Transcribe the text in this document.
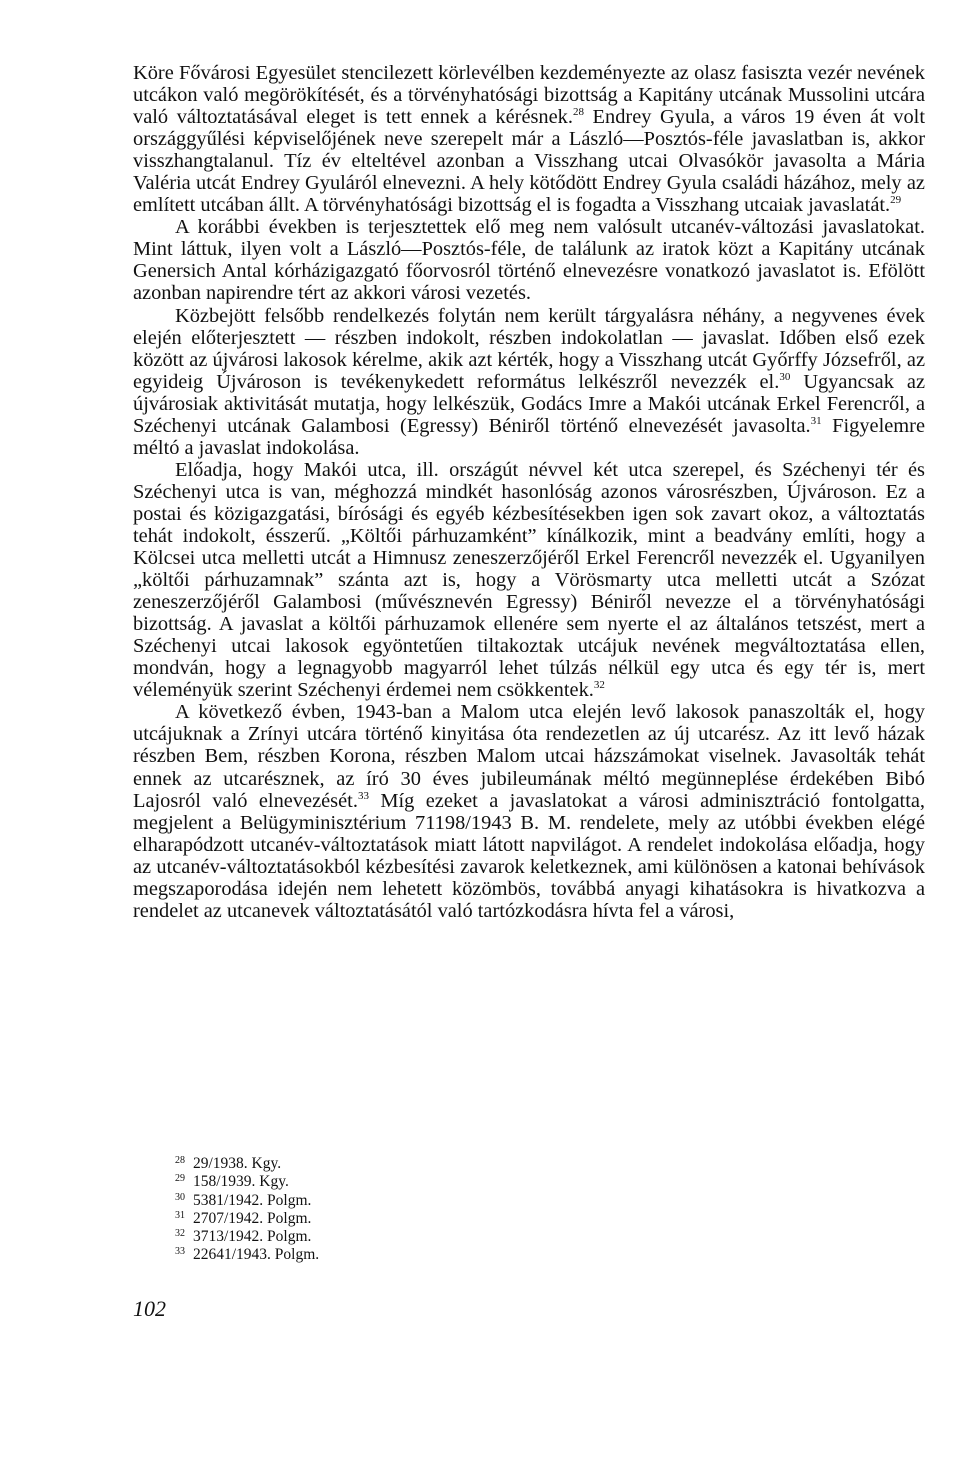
Köre Fővárosi Egyesület stencilezett körlevélben kezdeményezte az olasz fasiszta vezér nevének utcákon való megörökítését, és a törvényhatósági bizottság a Kapitány utcának Mussolini utcára való változtatásával eleget is tett ennek a kérésnek.$^{28}$ Endrey Gyula, a város 19 éven át volt országgyűlési képviselőjének neve szerepelt már a László—Posztós-féle javaslatban is, akkor visszhangtalanul. Tíz év elteltével azonban a Visszhang utcai Olvasókör javasolta a Mária Valéria utcát Endrey Gyuláról elnevezni. A hely kötődött Endrey Gyula családi házához, mely az említett utcában állt. A törvényhatósági bizottság el is fogadta a Visszhang utcaiak javaslatát.$^{29}$

A korábbi években is terjesztettek elő meg nem valósult utcanév-változási javaslatokat. Mint láttuk, ilyen volt a László—Posztós-féle, de találunk az iratok közt a Kapitány utcának Genersich Antal kórházigazgató főorvosról történő elnevezésre vonatkozó javaslatot is. Efölött azonban napirendre tért az akkori városi vezetés.

Közbejött felsőbb rendelkezés folytán nem került tárgyalásra néhány, a negyvenes évek elején előterjesztett — részben indokolt, részben indokolatlan — javaslat. Időben első ezek között az újvárosi lakosok kérelme, akik azt kérték, hogy a Visszhang utcát Győrffy Józsefről, az egyideig Újvároson is tevékenykedett református lelkészről nevezzék el.$^{30}$ Ugyancsak az újvárosiak aktivitását mutatja, hogy lelkészük, Godács Imre a Makói utcának Erkel Ferencről, a Széchenyi utcának Galambosi (Egressy) Béniről történő elnevezését javasolta.$^{31}$ Figyelemre méltó a javaslat indokolása.

Előadja, hogy Makói utca, ill. országút névvel két utca szerepel, és Széchenyi tér és Széchenyi utca is van, méghozzá mindkét hasonlóság azonos városrészben, Újvároson. Ez a postai és közigazgatási, bírósági és egyéb kézbesítésekben igen sok zavart okoz, a változtatás tehát indokolt, ésszerű. „Költői párhuzamként” kínálkozik, mint a beadvány említi, hogy a Kölcsei utca melletti utcát a Himnusz zeneszerzőjéről Erkel Ferencről nevezzék el. Ugyanilyen „költői párhuzamnak” szánta azt is, hogy a Vörösmarty utca melletti utcát a Szózat zeneszerzőjéről Galambosi (művésznevén Egressy) Béniről nevezze el a törvényhatósági bizottság. A javaslat a költői párhuzamok ellenére sem nyerte el az általános tetszést, mert a Széchenyi utcai lakosok egyöntetűen tiltakoztak utcájuk nevének megváltoztatása ellen, mondván, hogy a legnagyobb magyarról lehet túlzás nélkül egy utca és egy tér is, mert véleményük szerint Széchenyi érdemei nem csökkentek.$^{32}$

A következő évben, 1943-ban a Malom utca elején levő lakosok panaszolták el, hogy utcájuknak a Zrínyi utcára történő kinyitása óta rendezetlen az új utcarész. Az itt levő házak részben Bem, részben Korona, részben Malom utcai házszámokat viselnek. Javasolták tehát ennek az utcarésznek, az író 30 éves jubileumának méltó megünneplése érdekében Bibó Lajosról való elnevezését.$^{33}$ Míg ezeket a javaslatokat a városi adminisztráció fontolgatta, megjelent a Belügyminisztérium 71198/1943 B. M. rendelete, mely az utóbbi években elégé elharapódzott utcanév-változtatások miatt látott napvilágot. A rendelet indokolása előadja, hogy az utcanév-változtatásokból kézbesítési zavarok keletkeznek, ami különösen a katonai behívások megszaporodása idején nem lehetett közömbös, továbbá anyagi kihatásokra is hivatkozva a rendelet az utcanevek változtatásától való tartózkodásra hívta fel a városi,

28 29/1938. Kgy.
29 158/1939. Kgy.
30 5381/1942. Polgm.
31 2707/1942. Polgm.
32 3713/1942. Polgm.
33 22641/1943. Polgm.
102
